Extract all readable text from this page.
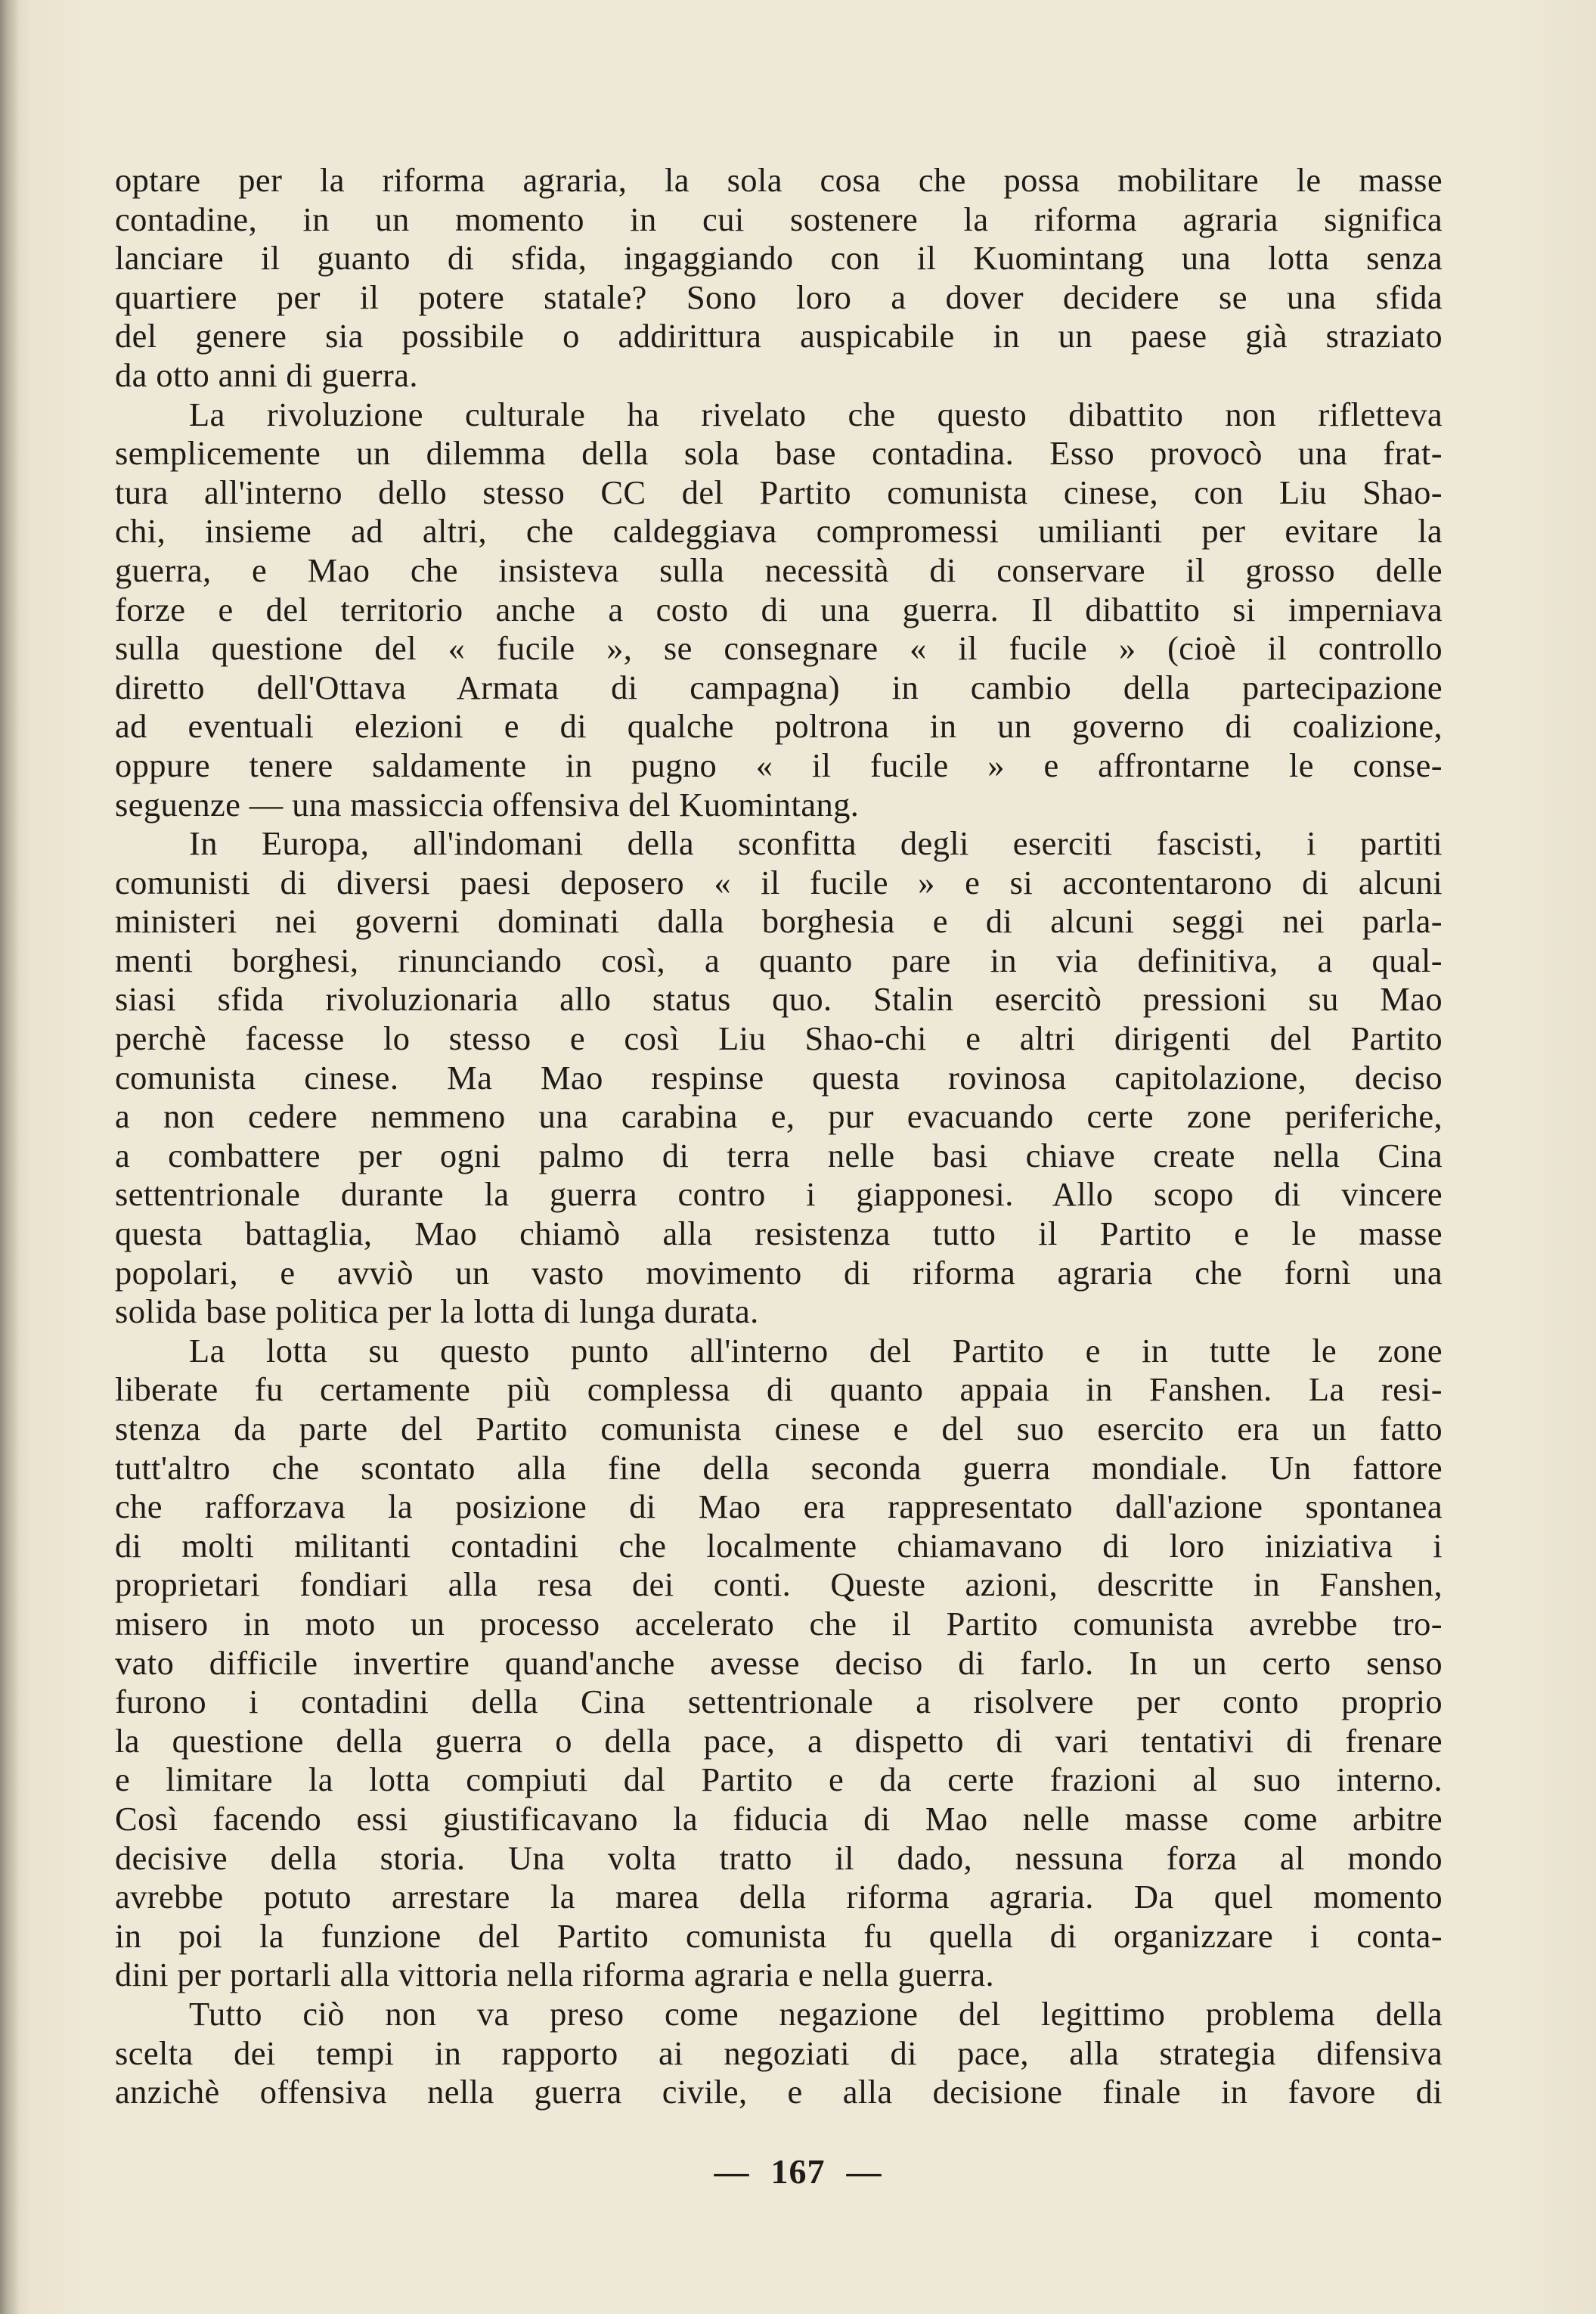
optare per la riforma agraria, la sola cosa che possa mobilitare le masse
contadine, in un momento in cui sostenere la riforma agraria significa
lanciare il guanto di sfida, ingaggiando con il Kuomintang una lotta senza
quartiere per il potere statale? Sono loro a dover decidere se una sfida
del genere sia possibile o addirittura auspicabile in un paese già straziato
da otto anni di guerra.
La rivoluzione culturale ha rivelato che questo dibattito non rifletteva
semplicemente un dilemma della sola base contadina. Esso provocò una frat-
tura all'interno dello stesso CC del Partito comunista cinese, con Liu Shao-
chi, insieme ad altri, che caldeggiava compromessi umilianti per evitare la
guerra, e Mao che insisteva sulla necessità di conservare il grosso delle
forze e del territorio anche a costo di una guerra. Il dibattito si imperniava
sulla questione del « fucile », se consegnare « il fucile » (cioè il controllo
diretto dell'Ottava Armata di campagna) in cambio della partecipazione
ad eventuali elezioni e di qualche poltrona in un governo di coalizione,
oppure tenere saldamente in pugno « il fucile » e affrontarne le conse-
seguenze — una massiccia offensiva del Kuomintang.
In Europa, all'indomani della sconfitta degli eserciti fascisti, i partiti
comunisti di diversi paesi deposero « il fucile » e si accontentarono di alcuni
ministeri nei governi dominati dalla borghesia e di alcuni seggi nei parla-
menti borghesi, rinunciando così, a quanto pare in via definitiva, a qual-
siasi sfida rivoluzionaria allo status quo. Stalin esercitò pressioni su Mao
perchè facesse lo stesso e così Liu Shao-chi e altri dirigenti del Partito
comunista cinese. Ma Mao respinse questa rovinosa capitolazione, deciso
a non cedere nemmeno una carabina e, pur evacuando certe zone periferiche,
a combattere per ogni palmo di terra nelle basi chiave create nella Cina
settentrionale durante la guerra contro i giapponesi. Allo scopo di vincere
questa battaglia, Mao chiamò alla resistenza tutto il Partito e le masse
popolari, e avviò un vasto movimento di riforma agraria che fornì una
solida base politica per la lotta di lunga durata.
La lotta su questo punto all'interno del Partito e in tutte le zone
liberate fu certamente più complessa di quanto appaia in Fanshen. La resi-
stenza da parte del Partito comunista cinese e del suo esercito era un fatto
tutt'altro che scontato alla fine della seconda guerra mondiale. Un fattore
che rafforzava la posizione di Mao era rappresentato dall'azione spontanea
di molti militanti contadini che localmente chiamavano di loro iniziativa i
proprietari fondiari alla resa dei conti. Queste azioni, descritte in Fanshen,
misero in moto un processo accelerato che il Partito comunista avrebbe tro-
vato difficile invertire quand'anche avesse deciso di farlo. In un certo senso
furono i contadini della Cina settentrionale a risolvere per conto proprio
la questione della guerra o della pace, a dispetto di vari tentativi di frenare
e limitare la lotta compiuti dal Partito e da certe frazioni al suo interno.
Così facendo essi giustificavano la fiducia di Mao nelle masse come arbitre
decisive della storia. Una volta tratto il dado, nessuna forza al mondo
avrebbe potuto arrestare la marea della riforma agraria. Da quel momento
in poi la funzione del Partito comunista fu quella di organizzare i conta-
dini per portarli alla vittoria nella riforma agraria e nella guerra.
Tutto ciò non va preso come negazione del legittimo problema della
scelta dei tempi in rapporto ai negoziati di pace, alla strategia difensiva
anzichè offensiva nella guerra civile, e alla decisione finale in favore di
— 167 —
